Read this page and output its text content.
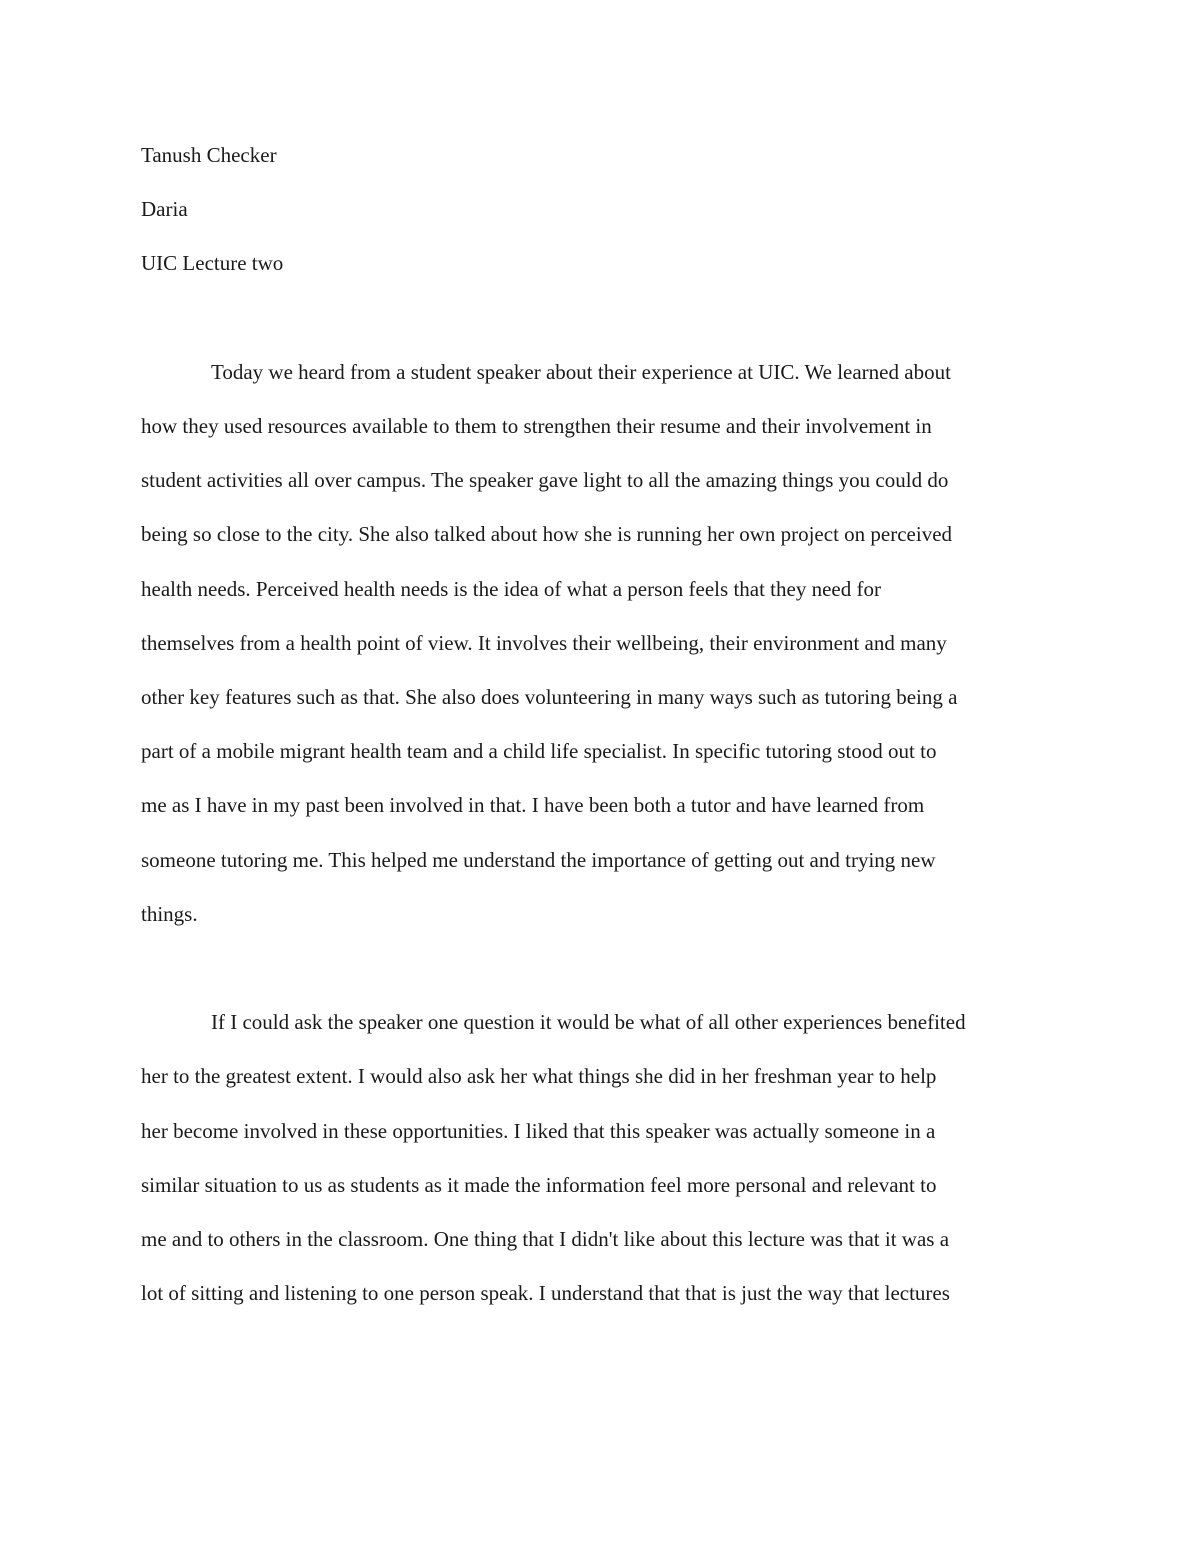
Tanush Checker
Daria
UIC Lecture two
Today we heard from a student speaker about their experience at UIC. We learned about
how they used resources available to them to strengthen their resume and their involvement in
student activities all over campus. The speaker gave light to all the amazing things you could do
being so close to the city. She also talked about how she is running her own project on perceived
health needs. Perceived health needs is the idea of what a person feels that they need for
themselves from a health point of view. It involves their wellbeing, their environment and many
other key features such as that. She also does volunteering in many ways such as tutoring being a
part of a mobile migrant health team and a child life specialist. In specific tutoring stood out to
me as I have in my past been involved in that. I have been both a tutor and have learned from
someone tutoring me. This helped me understand the importance of getting out and trying new
things.
If I could ask the speaker one question it would be what of all other experiences benefited
her to the greatest extent. I would also ask her what things she did in her freshman year to help
her become involved in these opportunities. I liked that this speaker was actually someone in a
similar situation to us as students as it made the information feel more personal and relevant to
me and to others in the classroom. One thing that I didn't like about this lecture was that it was a
lot of sitting and listening to one person speak. I understand that that is just the way that lectures
